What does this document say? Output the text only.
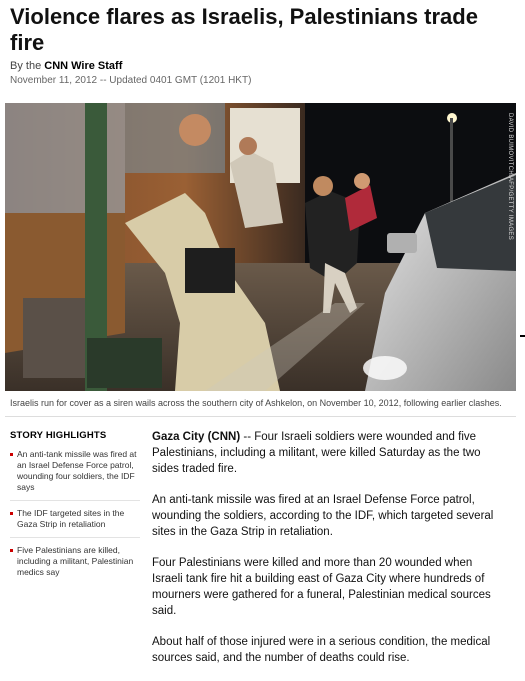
Violence flares as Israelis, Palestinians trade fire
By the CNN Wire Staff
November 11, 2012 -- Updated 0401 GMT (1201 HKT)
DAVID BUIMOVITCH/AFP/GETTY IMAGES
Israelis run for cover as a siren wails across the southern city of Ashkelon, on November 10, 2012, following earlier clashes.
STORY HIGHLIGHTS
An anti-tank missile was fired at an Israel Defense Force patrol, wounding four soldiers, the IDF says
The IDF targeted sites in the Gaza Strip in retaliation
Five Palestinians are killed, including a militant, Palestinian medics say

Gaza City (CNN) -- Four Israeli soldiers were wounded and five Palestinians, including a militant, were killed Saturday as the two sides traded fire.

An anti-tank missile was fired at an Israel Defense Force patrol, wounding the soldiers, according to the IDF, which targeted several sites in the Gaza Strip in retaliation.

Four Palestinians were killed and more than 20 wounded when Israeli tank fire hit a building east of Gaza City where hundreds of mourners were gathered for a funeral, Palestinian medical sources said.

About half of those injured were in a serious condition, the medical sources said, and the number of deaths could rise.
